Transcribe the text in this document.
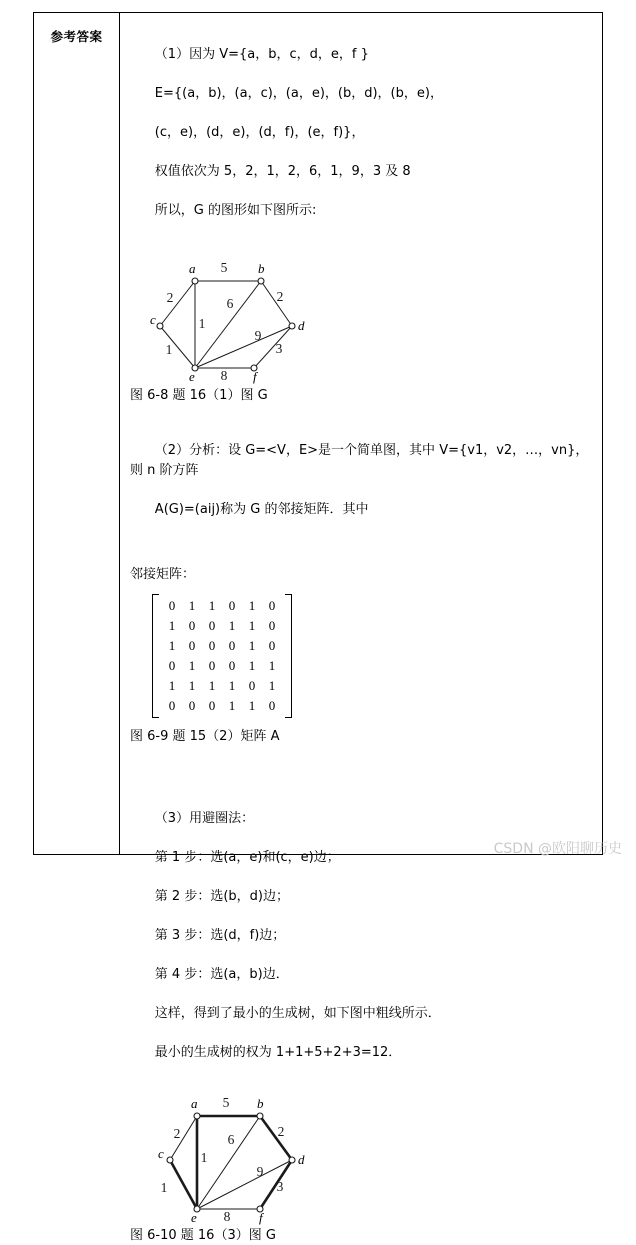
参考答案

（1）因为 V={a，b，c，d，e，f }

E={(a，b)，(a，c)，(a，e)，(b，d)，(b，e)，

(c，e)，(d，e)，(d，f)，(e，f)}，

权值依次为 5，2，1，2，6，1，9，3 及 8

所以，G 的图形如下图所示:

5
2
1
2
6
1
9
3
8
a	b
c	d
e	f
图 6-8 题 16（1）图 G

（2）分析：设 G=<V，E>是一个简单图，其中 V={v1，v2，…，vn}，则 n 阶方阵

A(G)=(aij)称为 G 的邻接矩阵．其中

邻接矩阵：
0	1	1	0	1	0
1	0	0	1	1	0
1	0	0	0	1	0
0	1	0	0	1	1
1	1	1	1	0	1
0	0	0	1	1	0
图 6-9 题 15（2）矩阵 A

（3）用避圈法：

第 1 步：选(a，e)和(c，e)边；

第 2 步：选(b，d)边；

第 3 步：选(d，f)边；

第 4 步：选(a，b)边．

这样，得到了最小的生成树，如下图中粗线所示．

最小的生成树的权为 1+1+5+2+3=12．

5
2
1
2
6
1
9
3
8
a	b
c	d
e	f
图 6-10 题 16（3）图 G
CSDN @欧阳聊历史
